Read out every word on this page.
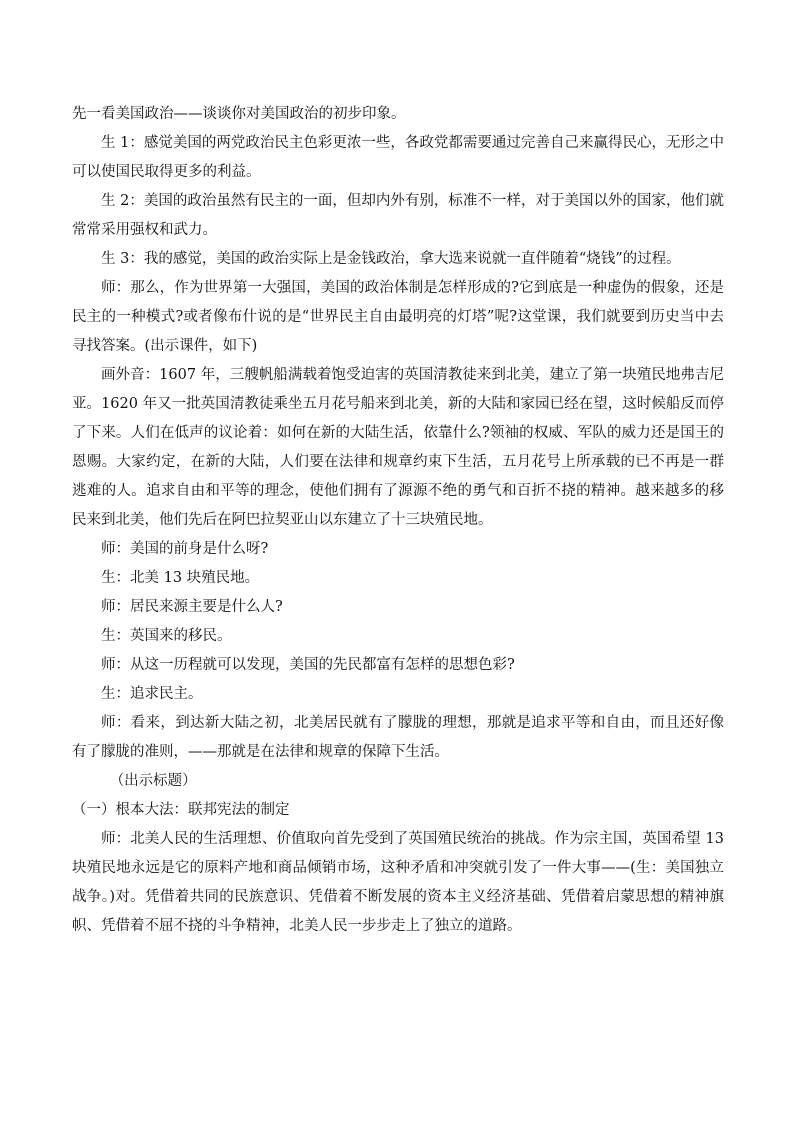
先一看美国政治——谈谈你对美国政治的初步印象。

生 1：感觉美国的两党政治民主色彩更浓一些，各政党都需要通过完善自己来赢得民心，无形之中可以使国民取得更多的利益。

生 2：美国的政治虽然有民主的一面，但却内外有别，标准不一样，对于美国以外的国家，他们就常常采用强权和武力。

生 3：我的感觉，美国的政治实际上是金钱政治，拿大选来说就一直伴随着“烧钱”的过程。

师：那么，作为世界第一大强国，美国的政治体制是怎样形成的?它到底是一种虚伪的假象，还是民主的一种模式?或者像布什说的是“世界民主自由最明亮的灯塔”呢?这堂课，我们就要到历史当中去寻找答案。(出示课件，如下)

画外音：1607 年，三艘帆船满载着饱受迫害的英国清教徒来到北美，建立了第一块殖民地弗吉尼亚。1620 年又一批英国清教徒乘坐五月花号船来到北美，新的大陆和家园已经在望，这时候船反而停了下来。人们在低声的议论着：如何在新的大陆生活，依靠什么?领袖的权威、军队的威力还是国王的恩赐。大家约定，在新的大陆，人们要在法律和规章约束下生活，五月花号上所承载的已不再是一群逃难的人。追求自由和平等的理念，使他们拥有了源源不绝的勇气和百折不挠的精神。越来越多的移民来到北美，他们先后在阿巴拉契亚山以东建立了十三块殖民地。

师：美国的前身是什么呀?

生：北美 13 块殖民地。

师：居民来源主要是什么人?

生：英国来的移民。

师：从这一历程就可以发现，美国的先民都富有怎样的思想色彩?

生：追求民主。

师：看来，到达新大陆之初，北美居民就有了朦胧的理想，那就是追求平等和自由，而且还好像有了朦胧的准则，——那就是在法律和规章的保障下生活。

（出示标题）

（一）根本大法：联邦宪法的制定

师：北美人民的生活理想、价值取向首先受到了英国殖民统治的挑战。作为宗主国，英国希望 13 块殖民地永远是它的原料产地和商品倾销市场，这种矛盾和冲突就引发了一件大事——(生：美国独立战争。)对。凭借着共同的民族意识、凭借着不断发展的资本主义经济基础、凭借着启蒙思想的精神旗帜、凭借着不屈不挠的斗争精神，北美人民一步步走上了独立的道路。
